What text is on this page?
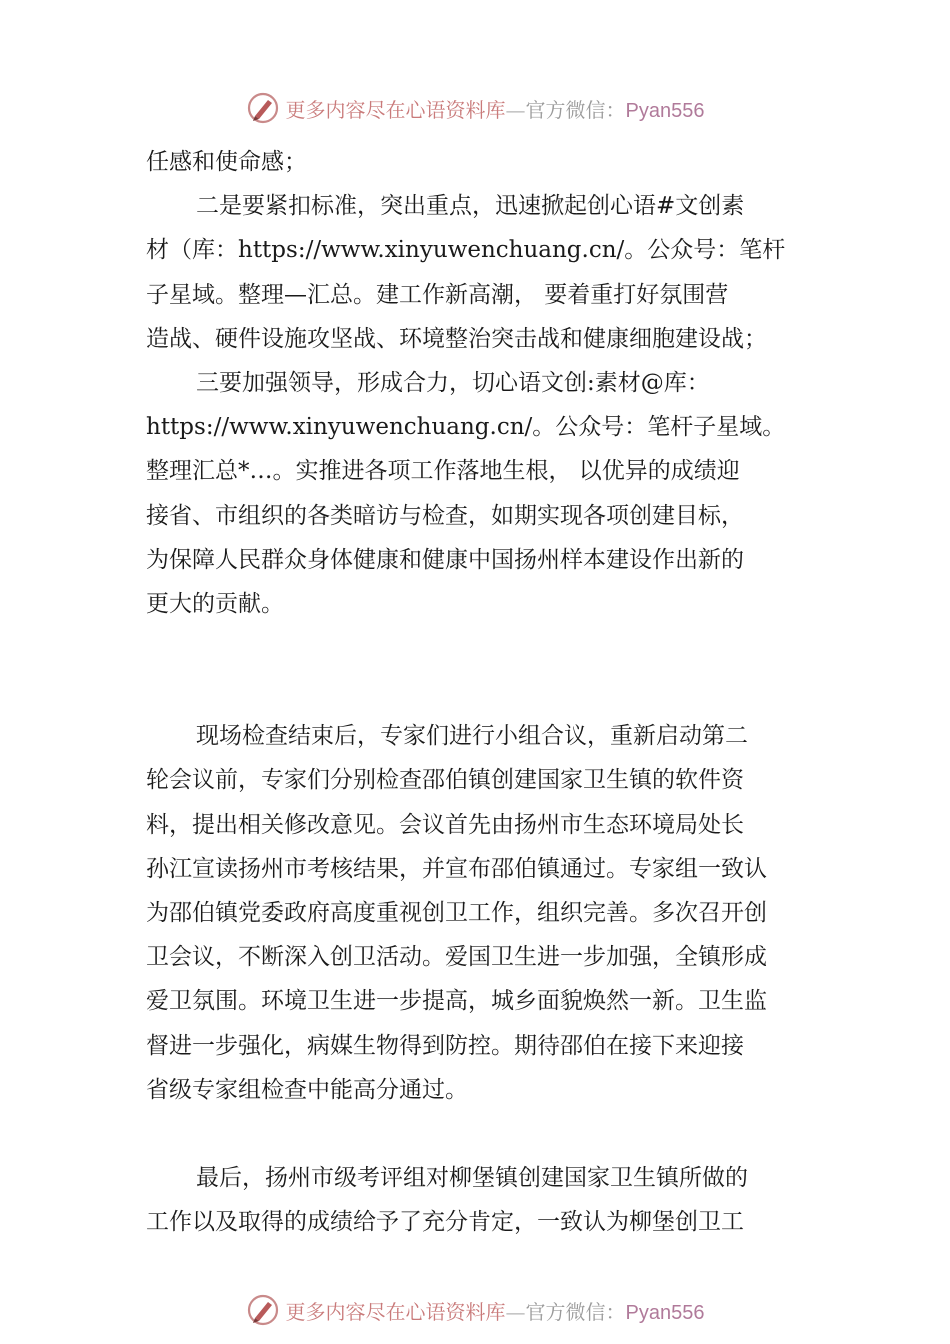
更多内容尽在心语资料库—官方微信：Pyan556

任感和使命感；

二是要紧扣标准，突出重点，迅速掀起创心语#文创素
材（库：https://www.xinyuwenchuang.cn/。公众号：笔杆
子星域。整理—汇总。建工作新高潮， 要着重打好氛围营
造战、硬件设施攻坚战、环境整治突击战和健康细胞建设战；

三要加强领导，形成合力，切心语文创:素材@库：
https://www.xinyuwenchuang.cn/。公众号：笔杆子星域。
整理汇总*…。实推进各项工作落地生根， 以优异的成绩迎
接省、市组织的各类暗访与检查，如期实现各项创建目标，
为保障人民群众身体健康和健康中国扬州样本建设作出新的
更大的贡献。

现场检查结束后，专家们进行小组合议，重新启动第二
轮会议前，专家们分别检查邵伯镇创建国家卫生镇的软件资
料，提出相关修改意见。会议首先由扬州市生态环境局处长
孙江宣读扬州市考核结果，并宣布邵伯镇通过。专家组一致认
为邵伯镇党委政府高度重视创卫工作，组织完善。多次召开创
卫会议，不断深入创卫活动。爱国卫生进一步加强，全镇形成
爱卫氛围。环境卫生进一步提高，城乡面貌焕然一新。卫生监
督进一步强化，病媒生物得到防控。期待邵伯在接下来迎接
省级专家组检查中能高分通过。

最后，扬州市级考评组对柳堡镇创建国家卫生镇所做的
工作以及取得的成绩给予了充分肯定，一致认为柳堡创卫工

更多内容尽在心语资料库—官方微信：Pyan556
